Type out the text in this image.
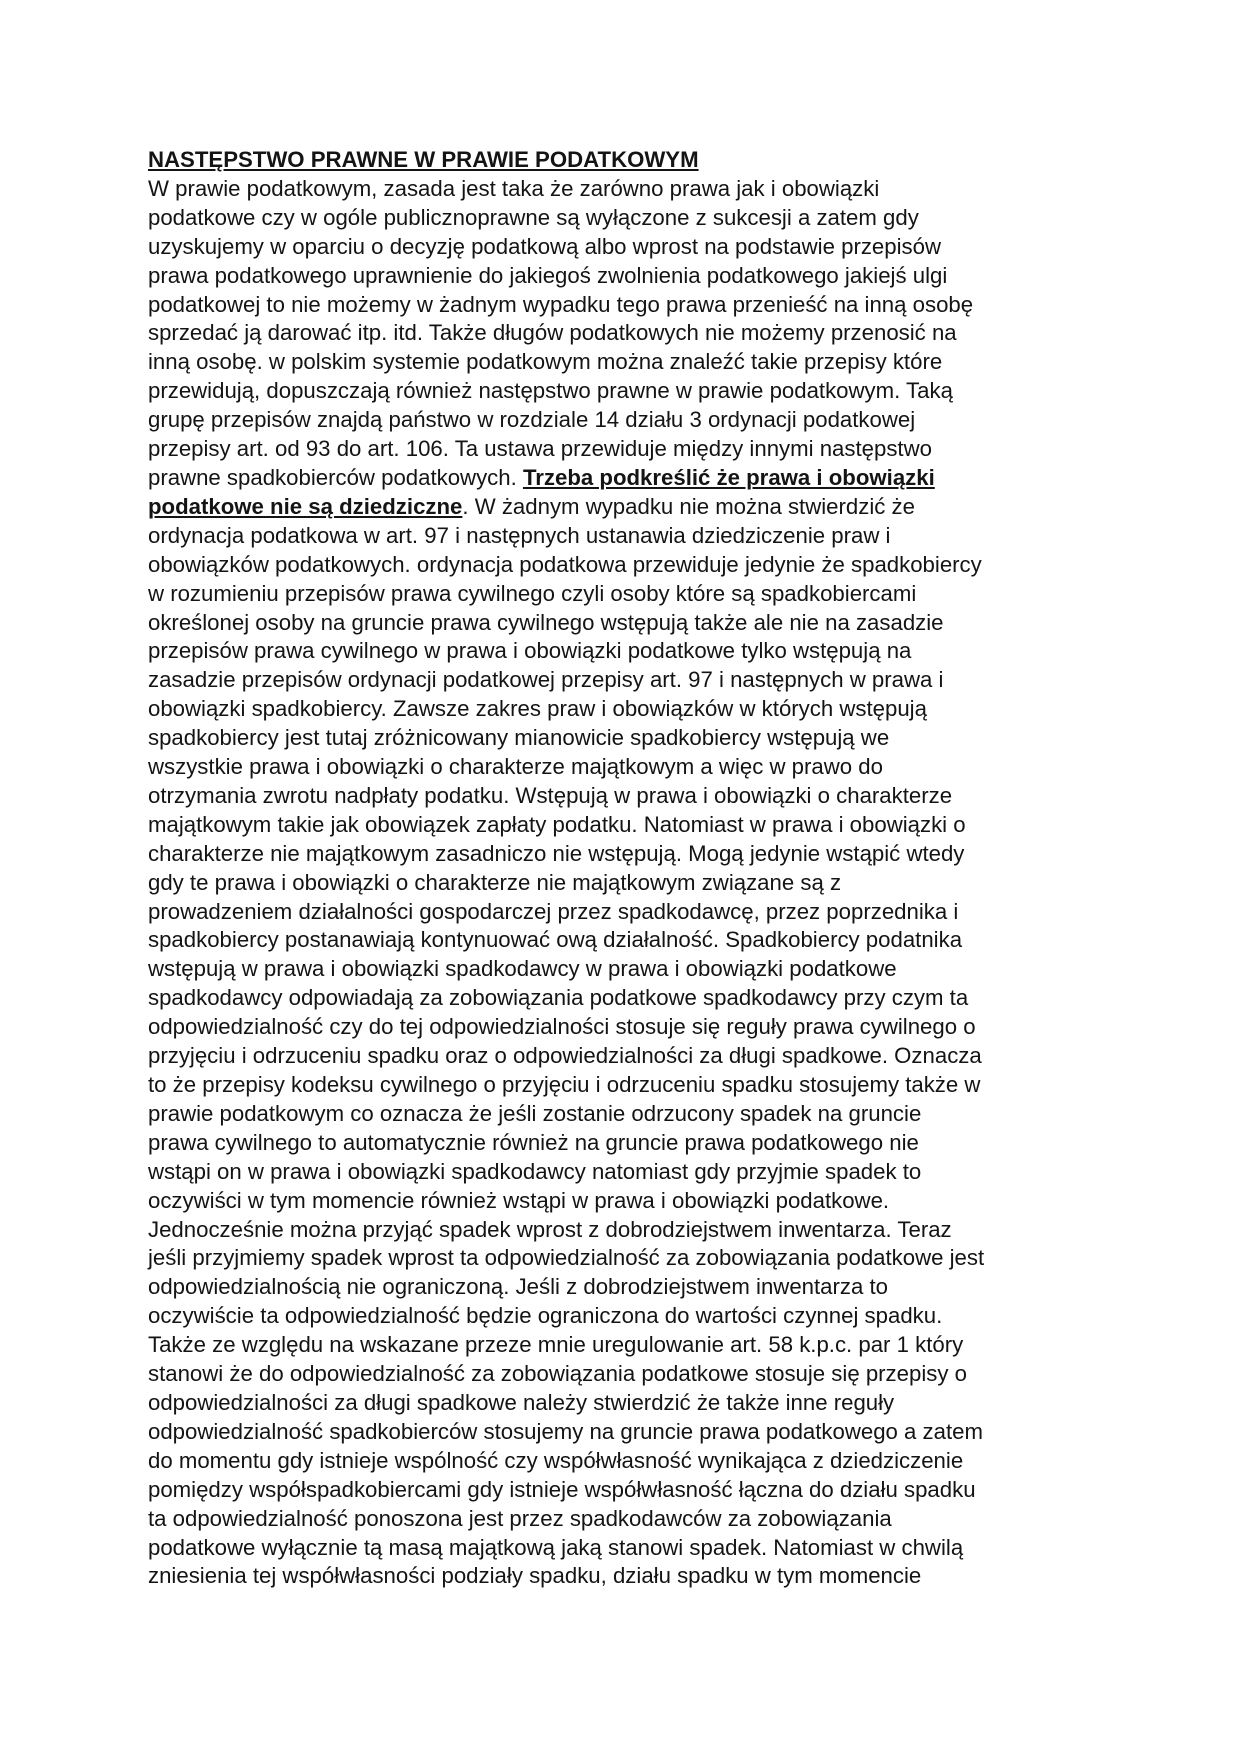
NASTĘPSTWO PRAWNE W PRAWIE PODATKOWYM
W prawie podatkowym, zasada jest taka że zarówno prawa jak i obowiązki
podatkowe czy w ogóle publicznoprawne są wyłączone z sukcesji a zatem gdy
uzyskujemy w oparciu o decyzję podatkową albo wprost na podstawie przepisów
prawa podatkowego uprawnienie do jakiegoś zwolnienia podatkowego jakiejś ulgi
podatkowej to nie możemy w żadnym wypadku tego prawa przenieść na inną osobę
sprzedać ją darować itp. itd. Także długów podatkowych nie możemy przenosić na
inną osobę. w polskim systemie podatkowym można znaleźć takie przepisy które
przewidują, dopuszczają również następstwo prawne w prawie podatkowym. Taką
grupę przepisów znajdą państwo w rozdziale 14 działu 3 ordynacji podatkowej
przepisy art. od 93 do art. 106. Ta ustawa przewiduje między innymi następstwo
prawne spadkobierców podatkowych. Trzeba podkreślić że prawa i obowiązki
podatkowe nie są dziedziczne. W żadnym wypadku nie można stwierdzić że
ordynacja podatkowa w art. 97 i następnych ustanawia dziedziczenie praw i
obowiązków podatkowych. ordynacja podatkowa przewiduje jedynie że spadkobiercy
w rozumieniu przepisów prawa cywilnego czyli osoby które są spadkobiercami
określonej osoby na gruncie prawa cywilnego wstępują także ale nie na zasadzie
przepisów prawa cywilnego w prawa i obowiązki podatkowe tylko wstępują na
zasadzie przepisów ordynacji podatkowej przepisy art. 97 i następnych w prawa i
obowiązki spadkobiercy. Zawsze zakres praw i obowiązków w których wstępują
spadkobiercy jest tutaj zróżnicowany mianowicie spadkobiercy wstępują we
wszystkie prawa i obowiązki o charakterze majątkowym a więc w prawo do
otrzymania zwrotu nadpłaty podatku. Wstępują w prawa i obowiązki o charakterze
majątkowym takie jak obowiązek zapłaty podatku. Natomiast w prawa i obowiązki o
charakterze nie majątkowym zasadniczo nie wstępują. Mogą jedynie wstąpić wtedy
gdy te prawa i obowiązki o charakterze nie majątkowym związane są z
prowadzeniem działalności gospodarczej przez spadkodawcę, przez poprzednika i
spadkobiercy postanawiają kontynuować ową działalność. Spadkobiercy podatnika
wstępują w prawa i obowiązki spadkodawcy w prawa i obowiązki podatkowe
spadkodawcy odpowiadają za zobowiązania podatkowe spadkodawcy przy czym ta
odpowiedzialność czy do tej odpowiedzialności stosuje się reguły prawa cywilnego o
przyjęciu i odrzuceniu spadku oraz o odpowiedzialności za długi spadkowe. Oznacza
to że przepisy kodeksu cywilnego o przyjęciu i odrzuceniu spadku stosujemy także w
prawie podatkowym co oznacza że jeśli zostanie odrzucony spadek na gruncie
prawa cywilnego to automatycznie również na gruncie prawa podatkowego nie
wstąpi on w prawa i obowiązki spadkodawcy natomiast gdy przyjmie spadek to
oczywiści w tym momencie również wstąpi w prawa i obowiązki podatkowe.
Jednocześnie można przyjąć spadek wprost z dobrodziejstwem inwentarza. Teraz
jeśli przyjmiemy spadek wprost ta odpowiedzialność za zobowiązania podatkowe jest
odpowiedzialnością nie ograniczoną. Jeśli z dobrodziejstwem inwentarza to
oczywiście ta odpowiedzialność będzie ograniczona do wartości czynnej spadku.
Także ze względu na wskazane przeze mnie uregulowanie art. 58 k.p.c. par 1 który
stanowi że do odpowiedzialność za zobowiązania podatkowe stosuje się przepisy o
odpowiedzialności za długi spadkowe należy stwierdzić że także inne reguły
odpowiedzialność spadkobierców stosujemy na gruncie prawa podatkowego a zatem
do momentu gdy istnieje wspólność czy współwłasność wynikająca z dziedziczenie
pomiędzy współspadkobiercami gdy istnieje współwłasność łączna do działu spadku
ta odpowiedzialność ponoszona jest przez spadkodawców za zobowiązania
podatkowe wyłącznie tą masą majątkową jaką stanowi spadek. Natomiast w chwilą
zniesienia tej współwłasności podziały spadku, działu spadku w tym momencie
